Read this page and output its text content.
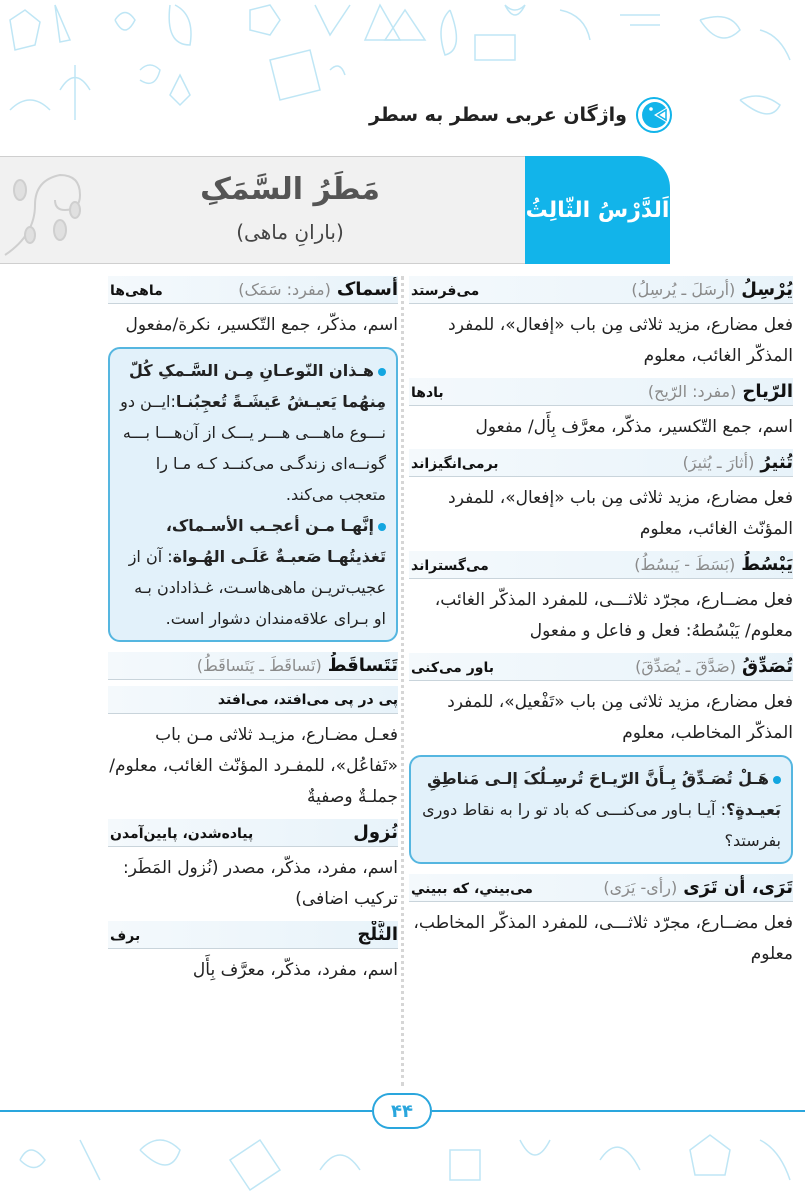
واژگان عربی سطر به سطر
مَطَرُ السَّمَکِ
(بارانِ ماهی)
اَلدَّرْسُ الثّالِثُ
يُرْسِلُ
(أرسَلَ ـ يُرسِلُ)
می‌فرستد
فعل مضارع، مزید ثلاثی مِن باب «إفعال»، للمفرد المذکّر الغائب، معلوم
الرّياح
(مفرد: الرّيح)
بادها
اسم، جمع التّکسیر، مذکّر، معرَّف بِأَل/ مفعول
تُثيرُ
(أثارَ ـ يُثيرَ)
برمی‌انگیزاند
فعل مضارع، مزید ثلاثی مِن باب «إفعال»، للمفرد المؤنّث الغائب، معلوم
يَبْسُطُ
(بَسَطَ - يَبسُطُ)
می‌گستراند
فعل مضــارع، مجرّد ثلاثـــی، للمفرد المذکّر الغائب، معلوم/ يَبْسُطهُ: فعل و فاعل و مفعول
تُصَدِّقُ
(صَدَّقَ ـ يُصَدِّقَ)
باور می‌کنی
فعل مضارع، مزید ثلاثی مِن باب «تَفْعيل»، للمفرد المذکّر المخاطب، معلوم
هَـلْ تُصَـدِّقُ بِـأَنَّ الرّيـاحَ تُرسِـلُکَ إلـی مَناطِقِ بَعيـدةٍ؟: آیـا بـاور می‌کنـــی که باد تو را به نقاط دوری بفرستد؟
تَرَی، أن تَرَی
(رأی- يَرَی)
می‌بيني، که ببيني
فعل مضــارع، مجرّد ثلاثـــی، للمفرد المذکّر المخاطب، معلوم
أسماک
(مفرد: سَمَک)
ماهی‌ها
اسم، مذکّر، جمع التّکسیر، نکرة/مفعول
هـذان النّوعـانِ مِـن السَّـمکِ کُلّ مِنهُما يَعيـشُ عَيشَـةً تُعجِبُنـا:ایــن دو نـــوع ماهـــی هـــر یـــک از آن‌هـــا بـــه گونــه‌ای زندگـی می‌کنــد کـه مـا را متعجب می‌کند.
إنَّهـا مـن أعجـب الأسـماک، تَغذيتُهـا صَعبـةٌ عَلَـی الهُـواة: آن از عجیب‌تریـن ماهی‌هاسـت، غـذادادن بـه او بـرای علاقه‌مندان دشوار است.
تَتَساقَطُ
(تَساقَطَ ـ يَتَساقَطُ)
پی در پی می‌افتد، می‌افتد
فعـل مضـارع، مزيـد ثلاثی مـن باب «تَفاعُل»، للمفـرد المؤنّث الغائب، معلوم/ جملـةٌ وصفيةٌ
نُزول
پیاده‌شدن، پایین‌آمدن
اسم، مفرد، مذکّر، مصدر (نُزول المَطَر: ترکیب اضافی)
الثَّلْج
برف
اسم، مفرد، مذکّر، معرَّف بِأَل
۴۴
